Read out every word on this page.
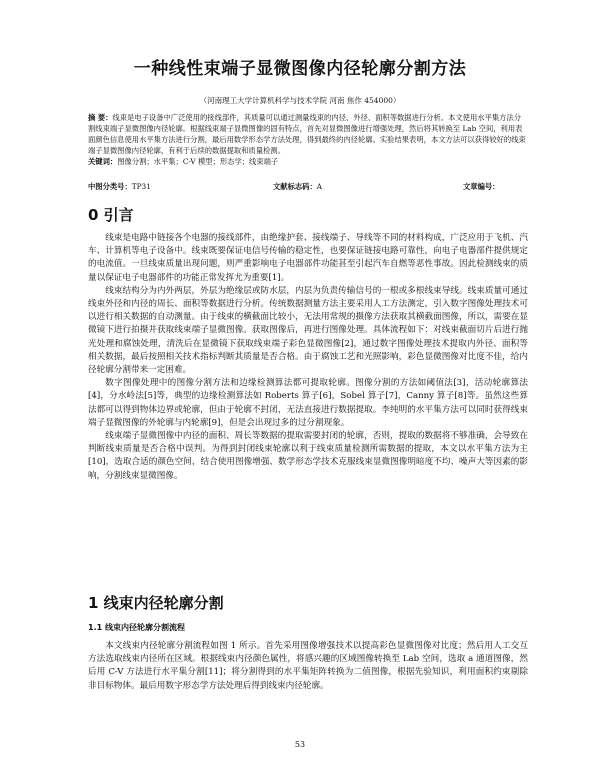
一种线性束端子显微图像内径轮廓分割方法
（河南理工大学计算机科学与技术学院 河南 焦作 454000）

摘 要：线束是电子设备中广泛使用的接线部件，其质量可以通过测量线束的内径、外径、面积等数据进行分析。本文使用水平集方法分割线束端子显微图像内径轮廓。根据线束端子显微图像的固有特点，首先对显微图像进行增强处理，然后将其转换至 Lab 空间，利用表面颜色信息使用水平集方法进行分割，最后用数学形态学方法处理，得到最终的内径轮廓。实验结果表明，本文方法可以获得较好的线束端子显微图像内径轮廓，有利于后续的数据提取和质量检测。

关键词：图像分割；水平集；C-V 模型；形态学；线束端子

中图分类号：TP31	文献标志码：A	文章编号：
0 引言

线束是电路中链接各个电器的接线部件，由绝缘护套、接线端子、导线等不同的材料构成，广泛应用于飞机、汽车、计算机等电子设备中。线束既要保证电信号传输的稳定性，也要保证链接电路可靠性，向电子电器部件提供规定的电流值。一旦线束质量出现问题，则严重影响电子电器部件功能甚至引起汽车自燃等恶性事故。因此检测线束的质量以保证电子电器部件的功能正常发挥尤为重要[1]。

线束结构分为内外两层，外层为绝缘层或防水层，内层为负责传输信号的一根或多根线束导线。线束质量可通过线束外径和内径的周长、面积等数据进行分析。传统数据测量方法主要采用人工方法测定，引入数字图像处理技术可以进行相关数据的自动测量。由于线束的横截面比较小，无法用常规的摄像方法获取其横截面图像，所以，需要在显微镜下进行拍摄并获取线束端子显微图像。获取图像后，再进行图像处理。具体流程如下：对线束截面切片后进行抛光处理和腐蚀处理，清洗后在显微镜下获取线束端子彩色显微图像[2]，通过数字图像处理技术提取内外径、面积等相关数据，最后按照相关技术指标判断其质量是否合格。由于腐蚀工艺和光照影响，彩色显微图像对比度不佳，给内径轮廓分割带来一定困难。

数字图像处理中的图像分割方法和边缘检测算法都可提取轮廓。图像分割的方法如阈值法[3]，活动轮廓算法[4]，分水岭法[5]等，典型的边缘检测算法如 Roberts 算子[6]，Sobel 算子[7]，Canny 算子[8]等。虽然这些算法都可以得到物体边界或轮廓，但由于轮廓不封闭，无法直接进行数据提取。李纯明的水平集方法可以同时获得线束端子显微图像的外轮廓与内轮廓[9]，但是会出现过多的过分割现象。

线束端子显微图像中内径的面积、周长等数据的提取需要封闭的轮廓，否则，提取的数据将不够准确，会导致在判断线束质量是否合格中误判。为得到封闭线束轮廓以利于线束质量检测所需数据的提取，本文以水平集方法为主[10]，选取合适的颜色空间，结合使用图像增强、数学形态学技术克服线束显微图像明暗度不均、噪声大等因素的影响，分割线束显微图像。

1 线束内径轮廓分割
1.1 线束内径轮廓分割流程

本文线束内径轮廓分割流程如图 1 所示。首先采用图像增强技术以提高彩色显微图像对比度；然后用人工交互方法选取线束内径所在区域。根据线束内径颜色属性，将感兴趣的区域图像转换至 Lab 空间，选取 a 通道图像，然后用 C-V 方法进行水平集分割[11]；将分割得到的水平集矩阵转换为二值图像，根据先验知识，利用面积约束剔除非目标物体。最后用数字形态学方法处理后得到线束内径轮廓。

53
